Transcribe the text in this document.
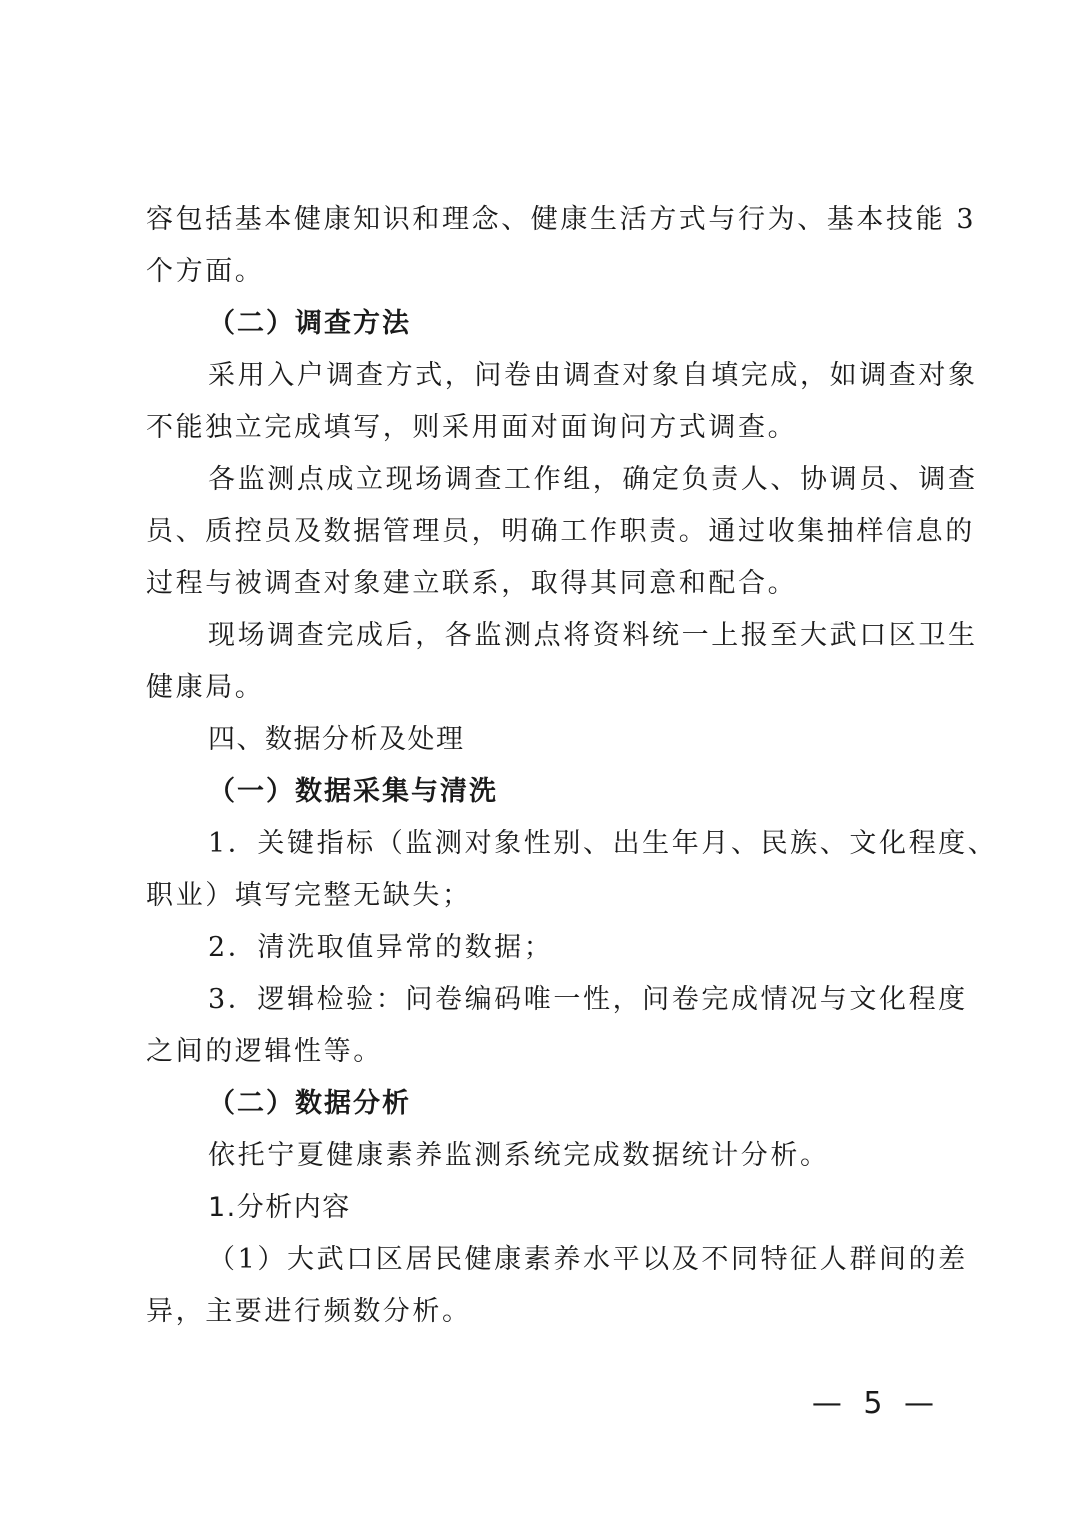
容包括基本健康知识和理念、健康生活方式与行为、基本技能 3
个方面。
（二）调查方法
采用入户调查方式，问卷由调查对象自填完成，如调查对象
不能独立完成填写，则采用面对面询问方式调查。
各监测点成立现场调查工作组，确定负责人、协调员、调查
员、质控员及数据管理员，明确工作职责。通过收集抽样信息的
过程与被调查对象建立联系，取得其同意和配合。
现场调查完成后，各监测点将资料统一上报至大武口区卫生
健康局。
四、数据分析及处理
（一）数据采集与清洗
1．关键指标（监测对象性别、出生年月、民族、文化程度、
职业）填写完整无缺失；
2．清洗取值异常的数据；
3．逻辑检验：问卷编码唯一性，问卷完成情况与文化程度
之间的逻辑性等。
（二）数据分析
依托宁夏健康素养监测系统完成数据统计分析。
1.分析内容
（1）大武口区居民健康素养水平以及不同特征人群间的差
异，主要进行频数分析。
— 5 —
